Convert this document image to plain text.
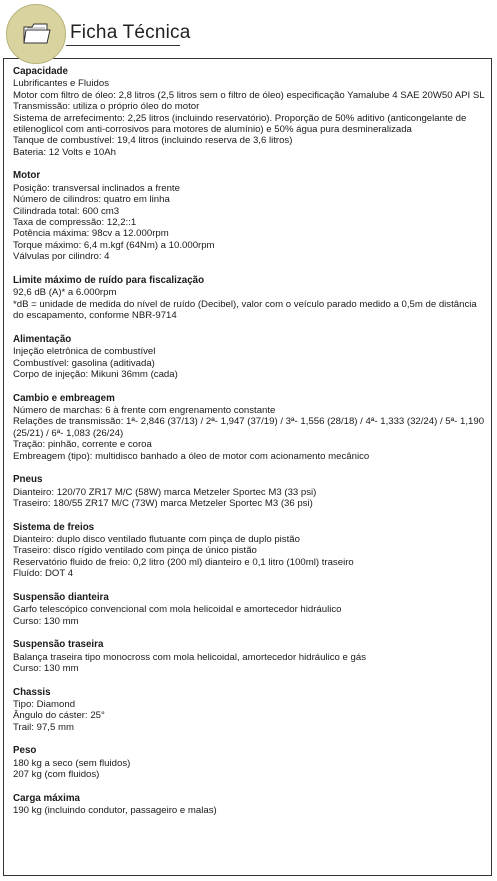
Ficha Técnica
Capacidade

Lubrificantes e Fluidos

Motor com filtro de óleo: 2,8 litros (2,5 litros sem o filtro de óleo) especificação Yamalube 4 SAE 20W50 API SL

Transmissão: utiliza o próprio óleo do motor

Sistema de arrefecimento: 2,25 litros (incluindo reservatório). Proporção de 50% aditivo (anticongelante de etilenoglicol com anti-corrosivos para motores de alumínio) e 50% água pura desmineralizada

Tanque de combustível: 19,4 litros (incluindo reserva de 3,6 litros)

Bateria: 12 Volts e 10Ah

Motor

Posição: transversal inclinados a frente

Número de cilindros: quatro em linha

Cilindrada total: 600 cm3

Taxa de compressão: 12,2::1

Potência máxima: 98cv a 12.000rpm

Torque máximo: 6,4 m.kgf (64Nm) a 10.000rpm

Válvulas por cilindro: 4

Limite máximo de ruído para fiscalização

92,6 dB (A)* a 6.000rpm

*dB = unidade de medida do nível de ruído (Decibel), valor com o veículo parado medido a 0,5m de distância do escapamento, conforme NBR-9714

Alimentação

Injeção eletrônica de combustível

Combustível: gasolina (aditivada)

Corpo de injeção: Mikuni 36mm (cada)

Cambio e embreagem

Número de marchas: 6 à frente com engrenamento constante

Relações de transmissão: 1ª- 2,846 (37/13) / 2ª- 1,947 (37/19) / 3ª- 1,556 (28/18) / 4ª- 1,333 (32/24) / 5ª- 1,190 (25/21) / 6ª- 1,083 (26/24)

Tração: pinhão, corrente e coroa

Embreagem (tipo): multidisco banhado a óleo de motor com acionamento mecânico

Pneus

Dianteiro: 120/70 ZR17 M/C (58W) marca Metzeler Sportec M3 (33 psi)

Traseiro: 180/55 ZR17 M/C (73W) marca Metzeler Sportec M3 (36 psi)

Sistema de freios

Dianteiro: duplo disco ventilado flutuante com pinça de duplo pistão

Traseiro: disco rígido ventilado com pinça de único pistão

Reservatório fluido de freio: 0,2 litro (200 ml) dianteiro e 0,1 litro (100ml) traseiro

Fluído: DOT 4

Suspensão dianteira

Garfo telescópico convencional com mola helicoidal e amortecedor hidráulico

Curso: 130 mm

Suspensão traseira

Balança traseira tipo monocross com mola helicoidal, amortecedor hidráulico e gás

Curso: 130 mm

Chassis

Tipo: Diamond

Ângulo do cáster: 25°

Trail: 97,5 mm

Peso

180 kg a seco (sem fluidos)

207 kg (com fluidos)

Carga máxima

190 kg (incluindo condutor, passageiro e malas)
